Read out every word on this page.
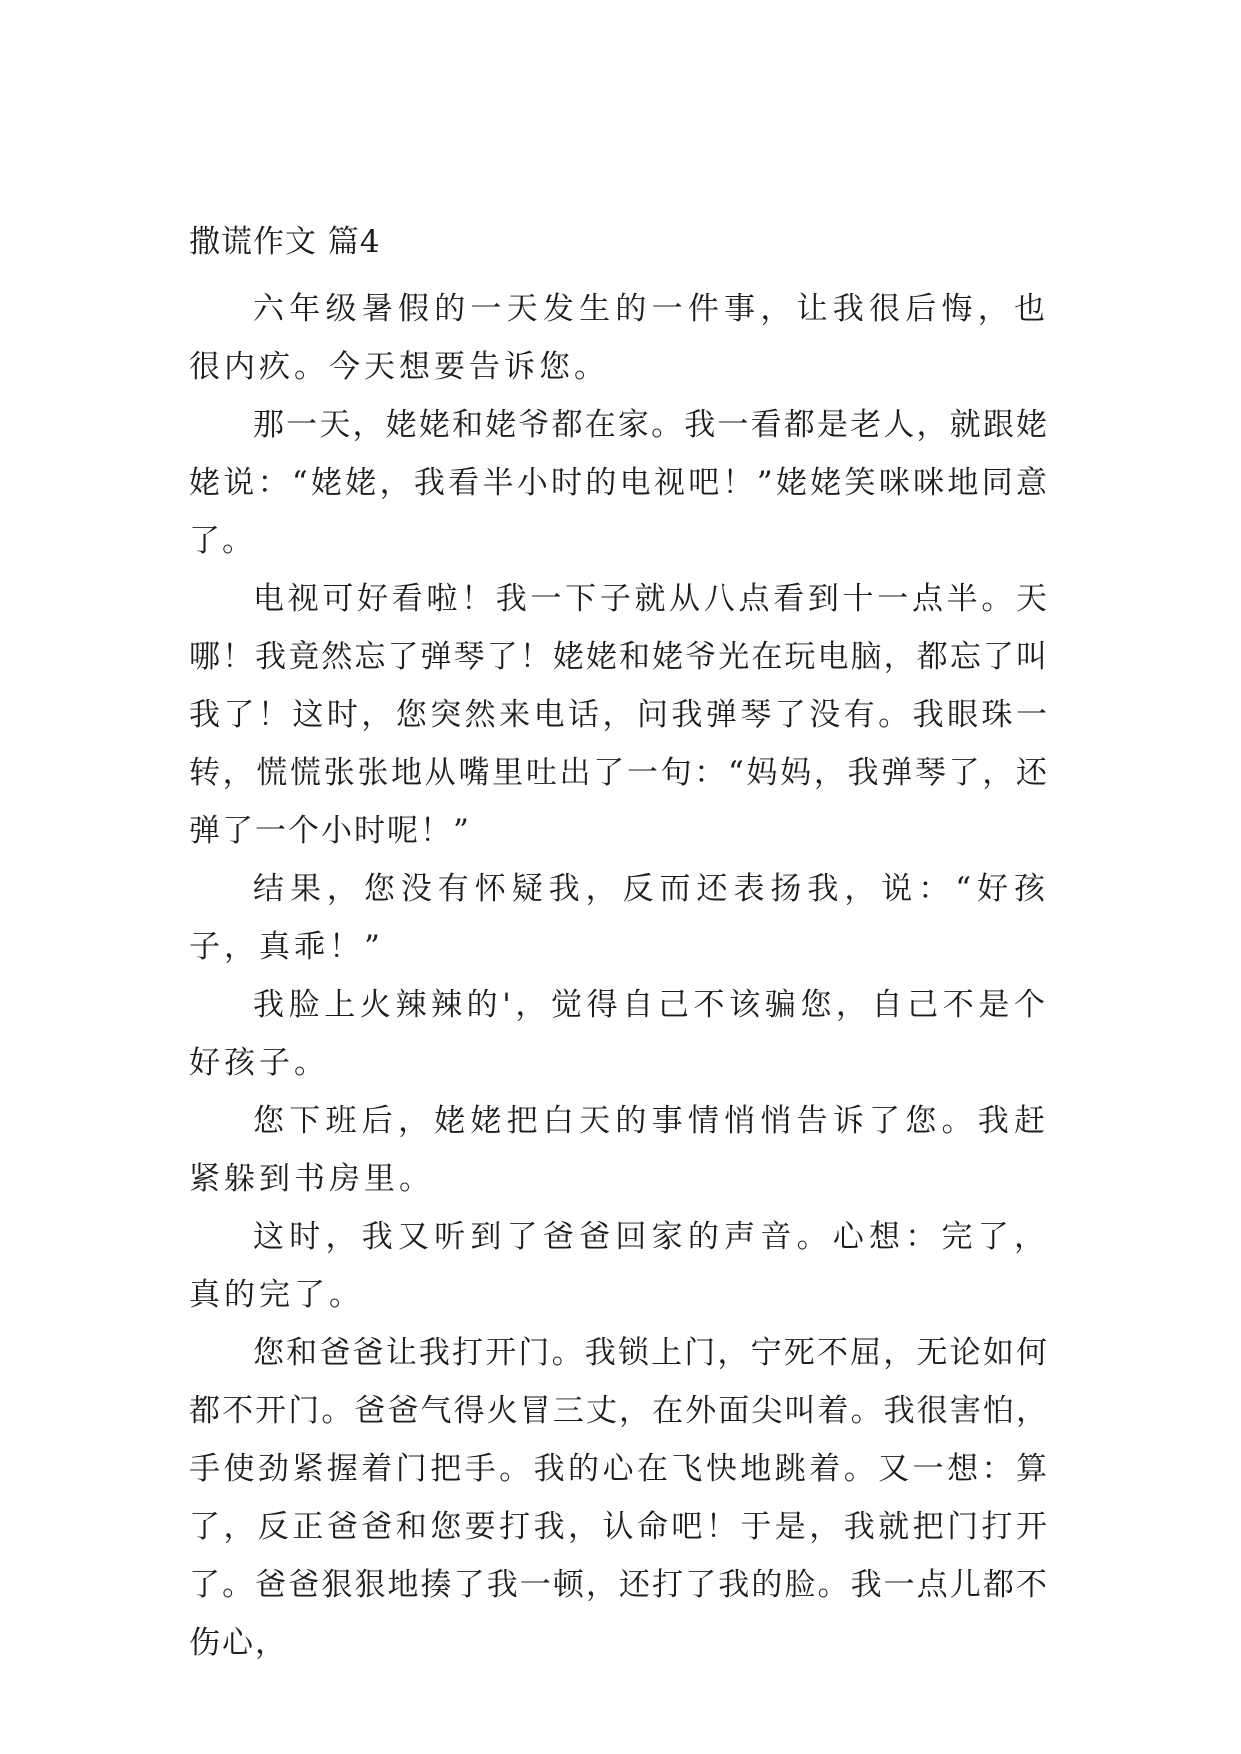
撒谎作文 篇4

六年级暑假的一天发生的一件事，让我很后悔，也很内疚。今天想要告诉您。

那一天，姥姥和姥爷都在家。我一看都是老人，就跟姥姥说：“姥姥，我看半小时的电视吧！”姥姥笑咪咪地同意了。

电视可好看啦！我一下子就从八点看到十一点半。天哪！我竟然忘了弹琴了！姥姥和姥爷光在玩电脑，都忘了叫我了！这时，您突然来电话，问我弹琴了没有。我眼珠一转，慌慌张张地从嘴里吐出了一句：“妈妈，我弹琴了，还弹了一个小时呢！”

结果，您没有怀疑我，反而还表扬我，说：“好孩子，真乖！”

我脸上火辣辣的'，觉得自己不该骗您，自己不是个好孩子。

您下班后，姥姥把白天的事情悄悄告诉了您。我赶紧躲到书房里。

这时，我又听到了爸爸回家的声音。心想：完了，真的完了。

您和爸爸让我打开门。我锁上门，宁死不屈，无论如何都不开门。爸爸气得火冒三丈，在外面尖叫着。我很害怕，手使劲紧握着门把手。我的心在飞快地跳着。又一想：算了，反正爸爸和您要打我，认命吧！于是，我就把门打开了。爸爸狠狠地揍了我一顿，还打了我的脸。我一点儿都不伤心，
